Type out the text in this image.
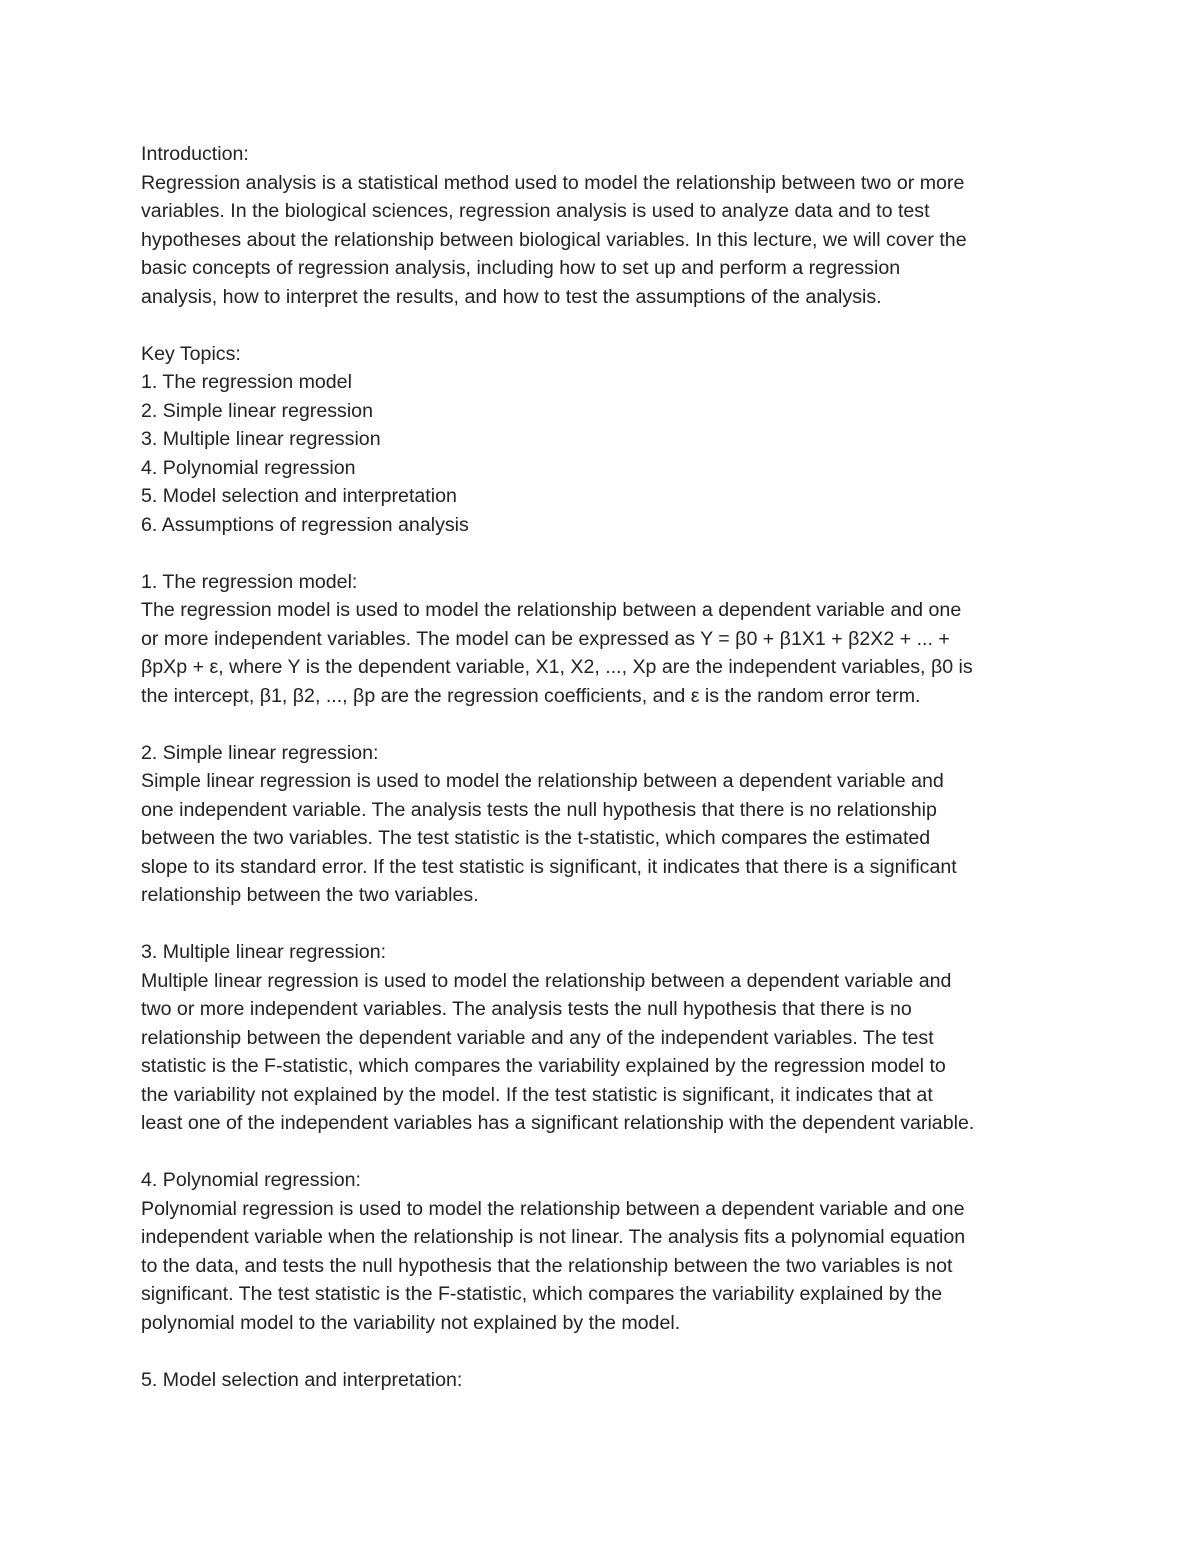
Introduction:
Regression analysis is a statistical method used to model the relationship between two or more
variables. In the biological sciences, regression analysis is used to analyze data and to test
hypotheses about the relationship between biological variables. In this lecture, we will cover the
basic concepts of regression analysis, including how to set up and perform a regression
analysis, how to interpret the results, and how to test the assumptions of the analysis.
Key Topics:
1. The regression model
2. Simple linear regression
3. Multiple linear regression
4. Polynomial regression
5. Model selection and interpretation
6. Assumptions of regression analysis
1. The regression model:
The regression model is used to model the relationship between a dependent variable and one
or more independent variables. The model can be expressed as Y = β0 + β1X1 + β2X2 + ... +
βpXp + ε, where Y is the dependent variable, X1, X2, ..., Xp are the independent variables, β0 is
the intercept, β1, β2, ..., βp are the regression coefficients, and ε is the random error term.
2. Simple linear regression:
Simple linear regression is used to model the relationship between a dependent variable and
one independent variable. The analysis tests the null hypothesis that there is no relationship
between the two variables. The test statistic is the t-statistic, which compares the estimated
slope to its standard error. If the test statistic is significant, it indicates that there is a significant
relationship between the two variables.
3. Multiple linear regression:
Multiple linear regression is used to model the relationship between a dependent variable and
two or more independent variables. The analysis tests the null hypothesis that there is no
relationship between the dependent variable and any of the independent variables. The test
statistic is the F-statistic, which compares the variability explained by the regression model to
the variability not explained by the model. If the test statistic is significant, it indicates that at
least one of the independent variables has a significant relationship with the dependent variable.
4. Polynomial regression:
Polynomial regression is used to model the relationship between a dependent variable and one
independent variable when the relationship is not linear. The analysis fits a polynomial equation
to the data, and tests the null hypothesis that the relationship between the two variables is not
significant. The test statistic is the F-statistic, which compares the variability explained by the
polynomial model to the variability not explained by the model.
5. Model selection and interpretation:
